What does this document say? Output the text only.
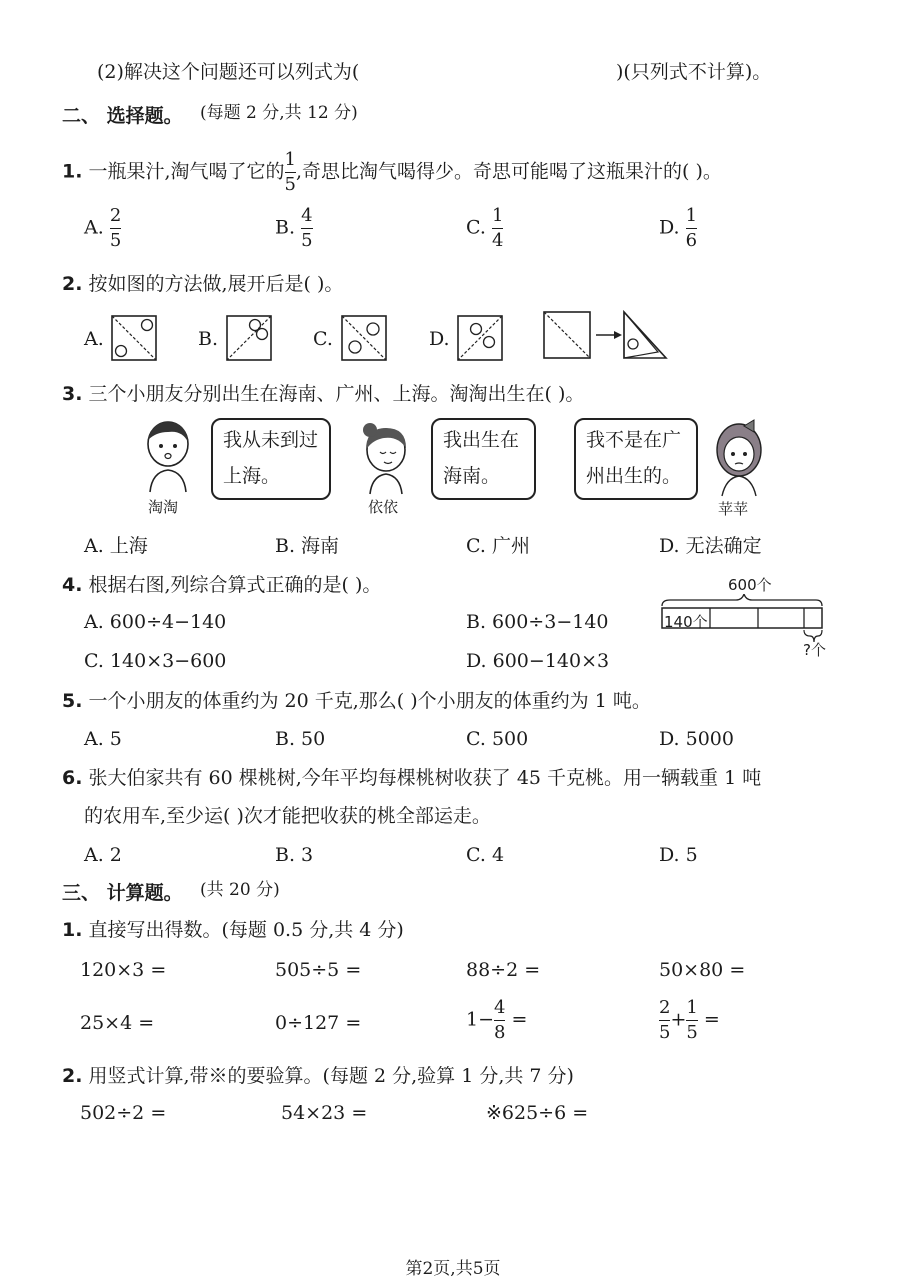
(2)解决这个问题还可以列式为(	)(只列式不计算)。
二、 选择题。 (每题 2 分,共 12 分)
1. 一瓶果汁,淘气喝了它的 $\frac{1}{5}$ ,奇思比淘气喝得少。奇思可能喝了这瓶果汁的( )。
A. $\frac{2}{5}$	B. $\frac{4}{5}$	C. $\frac{1}{4}$	D. $\frac{1}{6}$
2. 按如图的方法做,展开后是( )。
A.	B.	C.	D.
3. 三个小朋友分别出生在海南、广州、上海。淘淘出生在( )。
淘淘
我从未到过
上海。
依依
我出生在
海南。
我不是在广
州出生的。
苹苹
A. 上海	B. 海南	C. 广州	D. 无法确定
4. 根据右图,列综合算式正确的是( )。
A. 600÷4−140	B. 600÷3−140
C. 140×3−600	D. 600−140×3
600个
140个
?个
5. 一个小朋友的体重约为 20 千克,那么( )个小朋友的体重约为 1 吨。
A. 5	B. 50	C. 500	D. 5000
6. 张大伯家共有 60 棵桃树,今年平均每棵桃树收获了 45 千克桃。用一辆载重 1 吨
的农用车,至少运( )次才能把收获的桃全部运走。
A. 2	B. 3	C. 4	D. 5
三、 计算题。 (共 20 分)
1. 直接写出得数。(每题 0.5 分,共 4 分)
120×3 =	505÷5 =	88÷2 =	50×80 =
25×4 =	0÷127 =	$1- \frac{4}{8}$ =	$\frac{2}{5} + \frac{1}{5}$ =
2. 用竖式计算,带※的要验算。(每题 2 分,验算 1 分,共 7 分)
502÷2 =	54×23 =	※625÷6 =
第2页,共5页
